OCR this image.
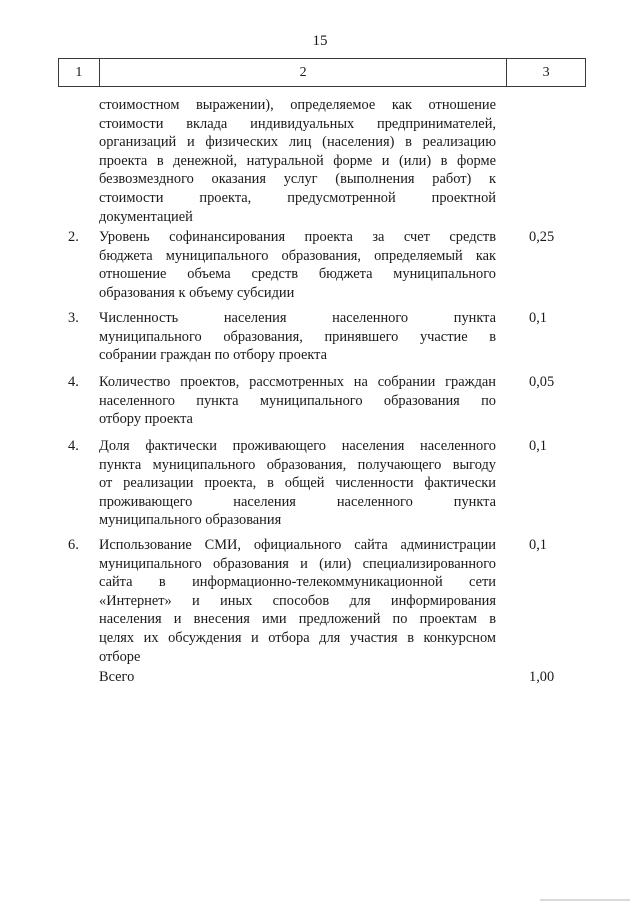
15
1	2	3
стоимостном выражении), определяемое как отношение
стоимости вклада индивидуальных предпринимателей,
организаций и физических лиц (населения) в реализацию
проекта в денежной, натуральной форме и (или) в форме
безвозмездного оказания услуг (выполнения работ) к
стоимости проекта, предусмотренной проектной
документацией
2.	Уровень софинансирования проекта за счет средств
бюджета муниципального образования, определяемый как
отношение объема средств бюджета муниципального
образования к объему субсидии
0,25
3.	Численность населения населенного пункта
муниципального образования, принявшего участие в
собрании граждан по отбору проекта
0,1
4.	Количество проектов, рассмотренных на собрании граждан
населенного пункта муниципального образования по
отбору проекта
0,05
4.	Доля фактически проживающего населения населенного
пункта муниципального образования, получающего выгоду
от реализации проекта, в общей численности фактически
проживающего населения населенного пункта
муниципального образования
0,1
6.	Использование СМИ, официального сайта администрации
муниципального образования и (или) специализированного
сайта в информационно-телекоммуникационной сети
«Интернет» и иных способов для информирования
населения и внесения ими предложений по проектам в
целях их обсуждения и отбора для участия в конкурсном
отборе
0,1
Всего	1,00
